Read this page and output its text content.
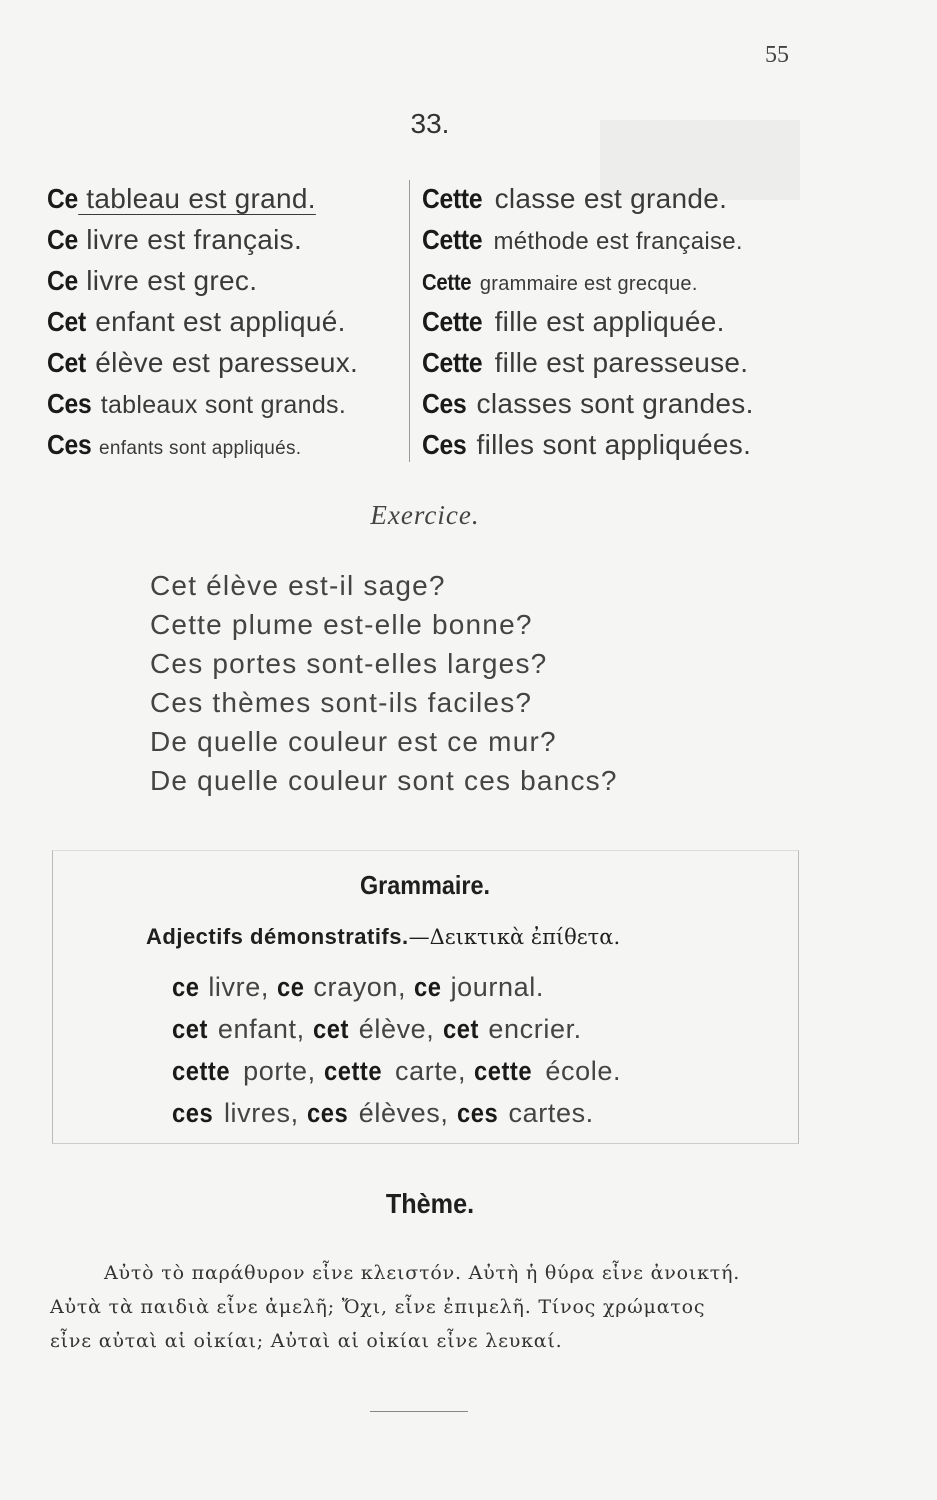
55
33.
Ce tableau est grand.
Ce livre est français.
Ce livre est grec.
Cet enfant est appliqué.
Cet élève est paresseux.
Ces tableaux sont grands.
Ces enfants sont appliqués.
Cette classe est grande.
Cette méthode est française.
Cette grammaire est grecque.
Cette fille est appliquée.
Cette fille est paresseuse.
Ces classes sont grandes.
Ces filles sont appliquées.
Exercice.
Cet élève est-il sage?
Cette plume est-elle bonne?
Ces portes sont-elles larges?
Ces thèmes sont-ils faciles?
De quelle couleur est ce mur?
De quelle couleur sont ces bancs?
Grammaire.
Adjectifs démonstratifs.—Δεικτικὰ ἐπίθετα.
ce livre, ce crayon, ce journal.
cet enfant, cet élève, cet encrier.
cette porte, cette carte, cette école.
ces livres, ces élèves, ces cartes.
Thème.
Αὐτὸ τὸ παράθυρον εἶνε κλειστόν. Αὐτὴ ἡ θύρα εἶνε ἀνοικτή.
Αὐτὰ τὰ παιδιὰ εἶνε ἀμελῆ; Ὄχι, εἶνε ἐπιμελῆ. Τίνος χρώματος
εἶνε αὐταὶ αἱ οἰκίαι; Αὐταὶ αἱ οἰκίαι εἶνε λευκαί.
